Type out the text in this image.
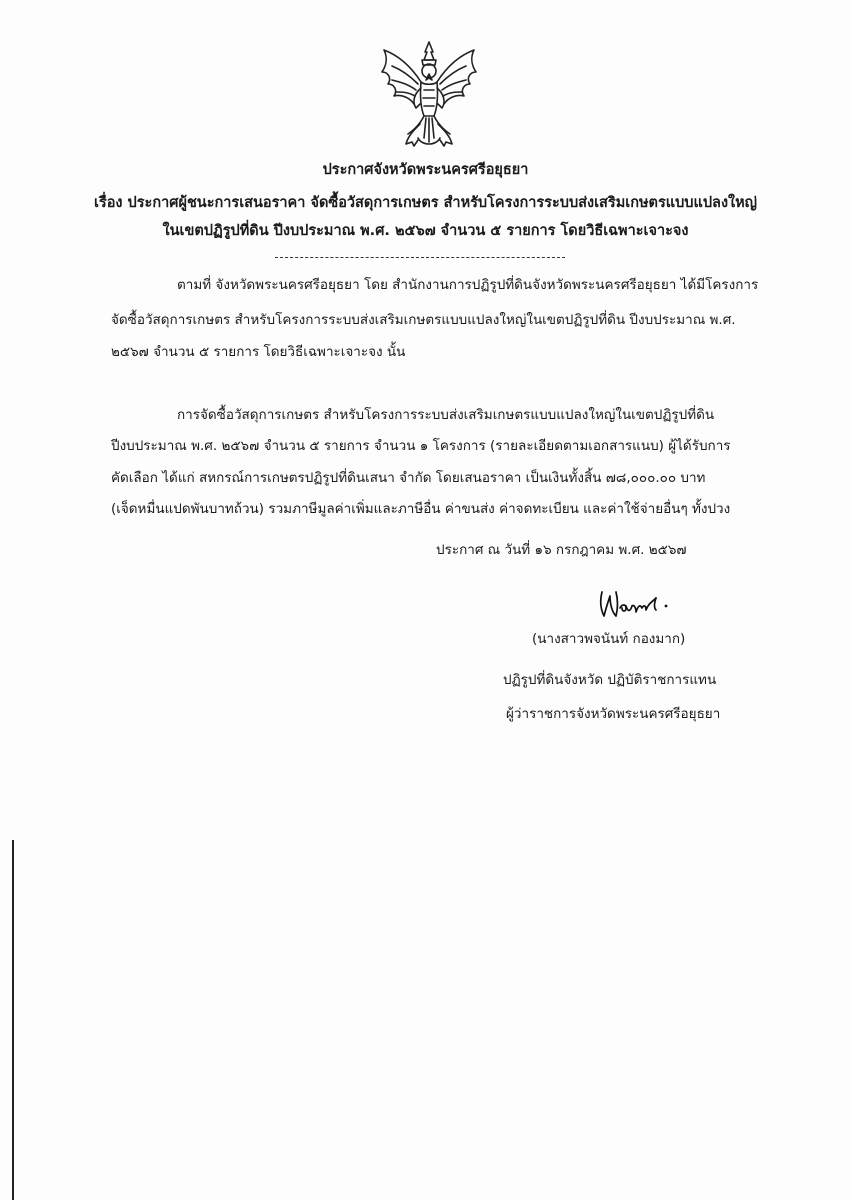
ประกาศจังหวัดพระนครศรีอยุธยา
เรื่อง ประกาศผู้ชนะการเสนอราคา จัดซื้อวัสดุการเกษตร สำหรับโครงการระบบส่งเสริมเกษตรแบบแปลงใหญ่
ในเขตปฏิรูปที่ดิน ปีงบประมาณ พ.ศ. ๒๕๖๗ จำนวน ๕ รายการ โดยวิธีเฉพาะเจาะจง
ตามที่ จังหวัดพระนครศรีอยุธยา โดย สำนักงานการปฏิรูปที่ดินจังหวัดพระนครศรีอยุธยา ได้มีโครงการ
จัดซื้อวัสดุการเกษตร สำหรับโครงการระบบส่งเสริมเกษตรแบบแปลงใหญ่ในเขตปฏิรูปที่ดิน ปีงบประมาณ พ.ศ.
๒๕๖๗ จำนวน ๕ รายการ โดยวิธีเฉพาะเจาะจง นั้น
การจัดซื้อวัสดุการเกษตร สำหรับโครงการระบบส่งเสริมเกษตรแบบแปลงใหญ่ในเขตปฏิรูปที่ดิน
ปีงบประมาณ พ.ศ. ๒๕๖๗ จำนวน ๕ รายการ จำนวน ๑ โครงการ (รายละเอียดตามเอกสารแนบ) ผู้ได้รับการ
คัดเลือก ได้แก่ สหกรณ์การเกษตรปฏิรูปที่ดินเสนา จำกัด โดยเสนอราคา เป็นเงินทั้งสิ้น ๗๘,๐๐๐.๐๐ บาท
(เจ็ดหมื่นแปดพันบาทถ้วน) รวมภาษีมูลค่าเพิ่มและภาษีอื่น ค่าขนส่ง ค่าจดทะเบียน และค่าใช้จ่ายอื่นๆ ทั้งปวง
ประกาศ ณ วันที่ ๑๖ กรกฎาคม พ.ศ. ๒๕๖๗
(นางสาวพจนันท์ กองมาก)
ปฏิรูปที่ดินจังหวัด ปฏิบัติราชการแทน
ผู้ว่าราชการจังหวัดพระนครศรีอยุธยา
